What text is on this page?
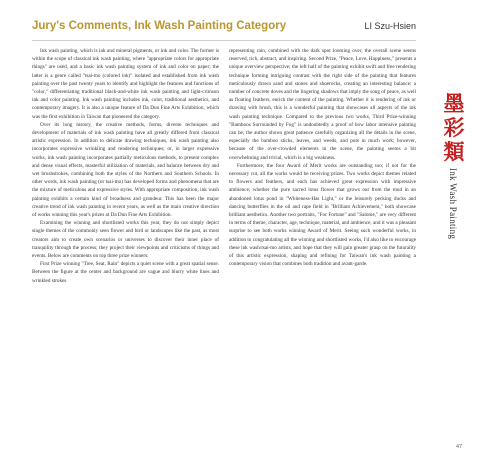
Jury's Comments, Ink Wash Painting Category	LI Szu-Hsien

Ink wash painting, which is ink and mineral pigments, or ink and color. The former is within the scope of classical ink wash painting, where "appropriate colors for appropriate things" are used, and a basic ink wash painting system of ink and color on paper; the latter is a genre called "tsai-mo (colored ink)" isolated and established from ink wash painting over the past twenty years to identify and highlight the features and functions of "color," differentiating traditional black-and-white ink wash painting and light-crimson ink and color painting. Ink wash painting includes ink, color, traditional aesthetics, and contemporary imagery. It is also a unique feature of Da Dun Fine Arts Exhibition, which was the first exhibition in Taiwan that pioneered the category.

Over its long history, the creative methods, forms, diverse techniques and development of materials of ink wash painting have all greatly differed from classical artistic expression. In addition to delicate drawing techniques, ink wash painting also incorporates expressive wrinkling and rendering techniques; or, in larger expressive works, ink wash painting incorporates partially meticulous methods, to present complex and dense visual effects, masterful utilization of materials, and balance between dry and wet brushstrokes, combining both the styles of the Northern and Southern Schools. In other words, ink wash painting (or tsai-mo) has developed forms and phenomena that are the mixture of meticulous and expressive styles. With appropriate composition, ink wash painting exhibits a certain kind of broadness and grandeur. This has been the major creative trend of ink wash painting in recent years, as well as the main creative direction of works winning this year's prizes at Da Dun Fine Arts Exhibition.

Examining the winning and shortlisted works this year, they do not simply depict single themes of the commonly seen flower and bird or landscapes like the past, as most creators aim to create own scenarios or universes to discover their inner place of tranquility through the process; they project their viewpoints and criticisms of things and events. Below are comments on top three prize winners:

First Prize winning "Tree, Seat, Rain" depicts a quiet scene with a great spatial sense. Between the figure at the center and background are vague and blurry white lines and wrinkled strokes

representing rain, combined with the dark spot looming over, the overall scene seems reserved, rich, abstract, and inspiring. Second Prize, "Peace, Love, Happiness," presents a unique overview perspective; the left half of the painting exhibit swift and free rendering technique forming intriguing contrast with the right side of the painting that features meticulously drawn sand and stones and shoerocks, creating an interesting balance; a number of concrete doves and the lingering shadows that imply the song of peace, as well as floating feathers, enrich the content of the painting. Whether it is rendering of ink or drawing with brush, this is a wonderful painting that showcases all aspects of the ink wash painting technique. Compared to the previous two works, Third Prize-winning "Bamboos Surrounded by Fog" is undoubtedly a proof of how labor intensive painting can be; the author shows great patience carefully organizing all the details in the scene, especially the bamboo sticks, leaves, and weeds, and puts in much work; however, because of the over-crowded elements in the scene, the painting seems a bit overwhelming and trivial, which is a big weakness.

Furthermore, the four Award of Merit works are outstanding too; if not for the necessary cut, all the works would be receiving prizes. Two works depict themes related to flowers and feathers, and each has achieved great expression with impressive ambience; whether the pure sacred lotus flower that grows out from the mud in an abandoned lotus pond in "Whiteness-Has Light," or the leisurely pecking ducks and dancing butterflies in the oil and rape field in "Brilliant Achievement," both showcase brilliant aesthetics. Another two portraits, "For Fortune" and "Salome," are very different in terms of theme, character, age, technique, material, and ambience, and it was a pleasant surprise to see both works winning Award of Merit. Seeing such wonderful works, in addition to congratulating all the winning and shortlisted works, I'd also like to encourage these ink wash/tsai-mo artists, and hope that they will gain greater grasp on the futurality of this artistic expression, shaping and refining for Taiwan's ink wash painting a contemporary vision that combines both tradition and avant-garde.

墨
彩
類
Ink Wash Painting
47
